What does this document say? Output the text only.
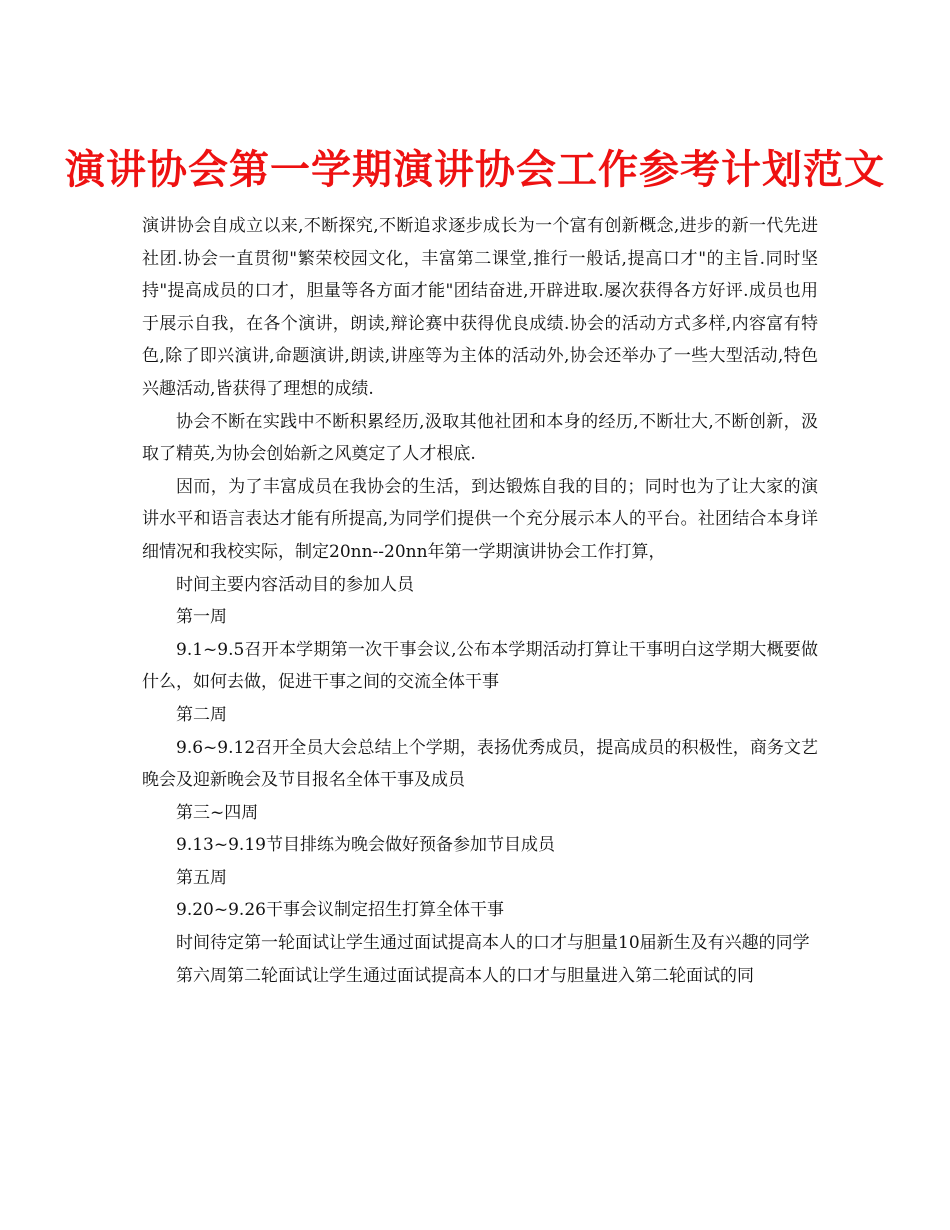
演讲协会第一学期演讲协会工作参考计划范文

演讲协会自成立以来,不断探究,不断追求逐步成长为一个富有创新概念,进步的新一代先进社团.协会一直贯彻"繁荣校园文化，丰富第二课堂,推行一般话,提高口才"的主旨.同时坚持"提高成员的口才，胆量等各方面才能"团结奋进,开辟进取.屡次获得各方好评.成员也用于展示自我，在各个演讲，朗读,辩论赛中获得优良成绩.协会的活动方式多样,内容富有特色,除了即兴演讲,命题演讲,朗读,讲座等为主体的活动外,协会还举办了一些大型活动,特色兴趣活动,皆获得了理想的成绩.

协会不断在实践中不断积累经历,汲取其他社团和本身的经历,不断壮大,不断创新，汲取了精英,为协会创始新之风奠定了人才根底.

因而，为了丰富成员在我协会的生活，到达锻炼自我的目的；同时也为了让大家的演讲水平和语言表达才能有所提高,为同学们提供一个充分展示本人的平台。社团结合本身详细情况和我校实际，制定20nn--20nn年第一学期演讲协会工作打算，

时间主要内容活动目的参加人员

第一周

9.1~9.5召开本学期第一次干事会议,公布本学期活动打算让干事明白这学期大概要做什么，如何去做，促进干事之间的交流全体干事

第二周

9.6~9.12召开全员大会总结上个学期，表扬优秀成员，提高成员的积极性，商务文艺晚会及迎新晚会及节目报名全体干事及成员

第三~四周

9.13~9.19节目排练为晚会做好预备参加节目成员

第五周

9.20~9.26干事会议制定招生打算全体干事

时间待定第一轮面试让学生通过面试提高本人的口才与胆量10届新生及有兴趣的同学

第六周第二轮面试让学生通过面试提高本人的口才与胆量进入第二轮面试的同
